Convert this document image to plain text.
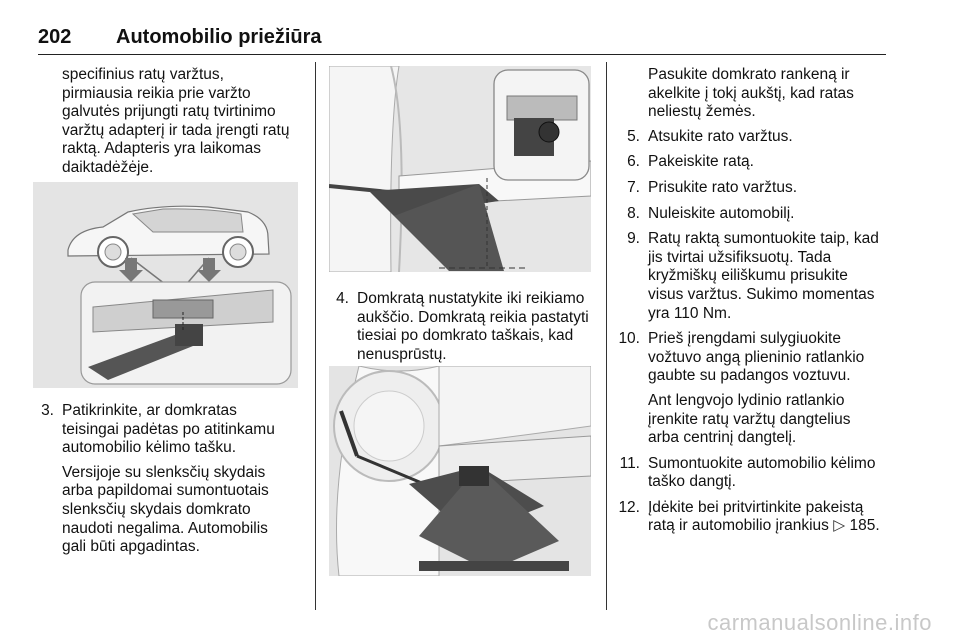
202 Automobilio priežiūra

specifinius ratų varžtus,

pirmiausia reikia prie varžto

galvutės prijungti ratų tvirtinimo

varžtų adapterį ir tada įrengti ratų

raktą. Adapteris yra laikomas

daiktadėžėje.

3. Patikrinkite, ar domkratas

teisingai padėtas po atitinkamu

automobilio kėlimo tašku.

Versijoje su slenksčių skydais

arba papildomai sumontuotais

slenksčių skydais domkrato

naudoti negalima. Automobilis

gali būti apgadintas.

4. Domkratą nustatykite iki reikiamo

aukščio. Domkratą reikia pastatyti

tiesiai po domkrato taškais, kad

nenusprūstų.

Pasukite domkrato rankeną ir

akelkite į tokį aukštį, kad ratas

neliestų žemės.

5. Atsukite rato varžtus.

6. Pakeiskite ratą.

7. Prisukite rato varžtus.

8. Nuleiskite automobilį.

9. Ratų raktą sumontuokite taip, kad

jis tvirtai užsifiksuotų. Tada

kryžmiškų eiliškumu prisukite

visus varžtus. Sukimo momentas

yra 110 Nm.

10. Prieš įrengdami sulygiuokite

vožtuvo angą plieninio ratlankio

gaubte su padangos voztuvu.

Ant lengvojo lydinio ratlankio

įrenkite ratų varžtų dangtelius

arba centrinį dangtelį.

11. Sumontuokite automobilio kėlimo

taško dangtį.

12. Įdėkite bei pritvirtinkite pakeistą

ratą ir automobilio įrankius ▷ 185.

carmanualsonline.info
